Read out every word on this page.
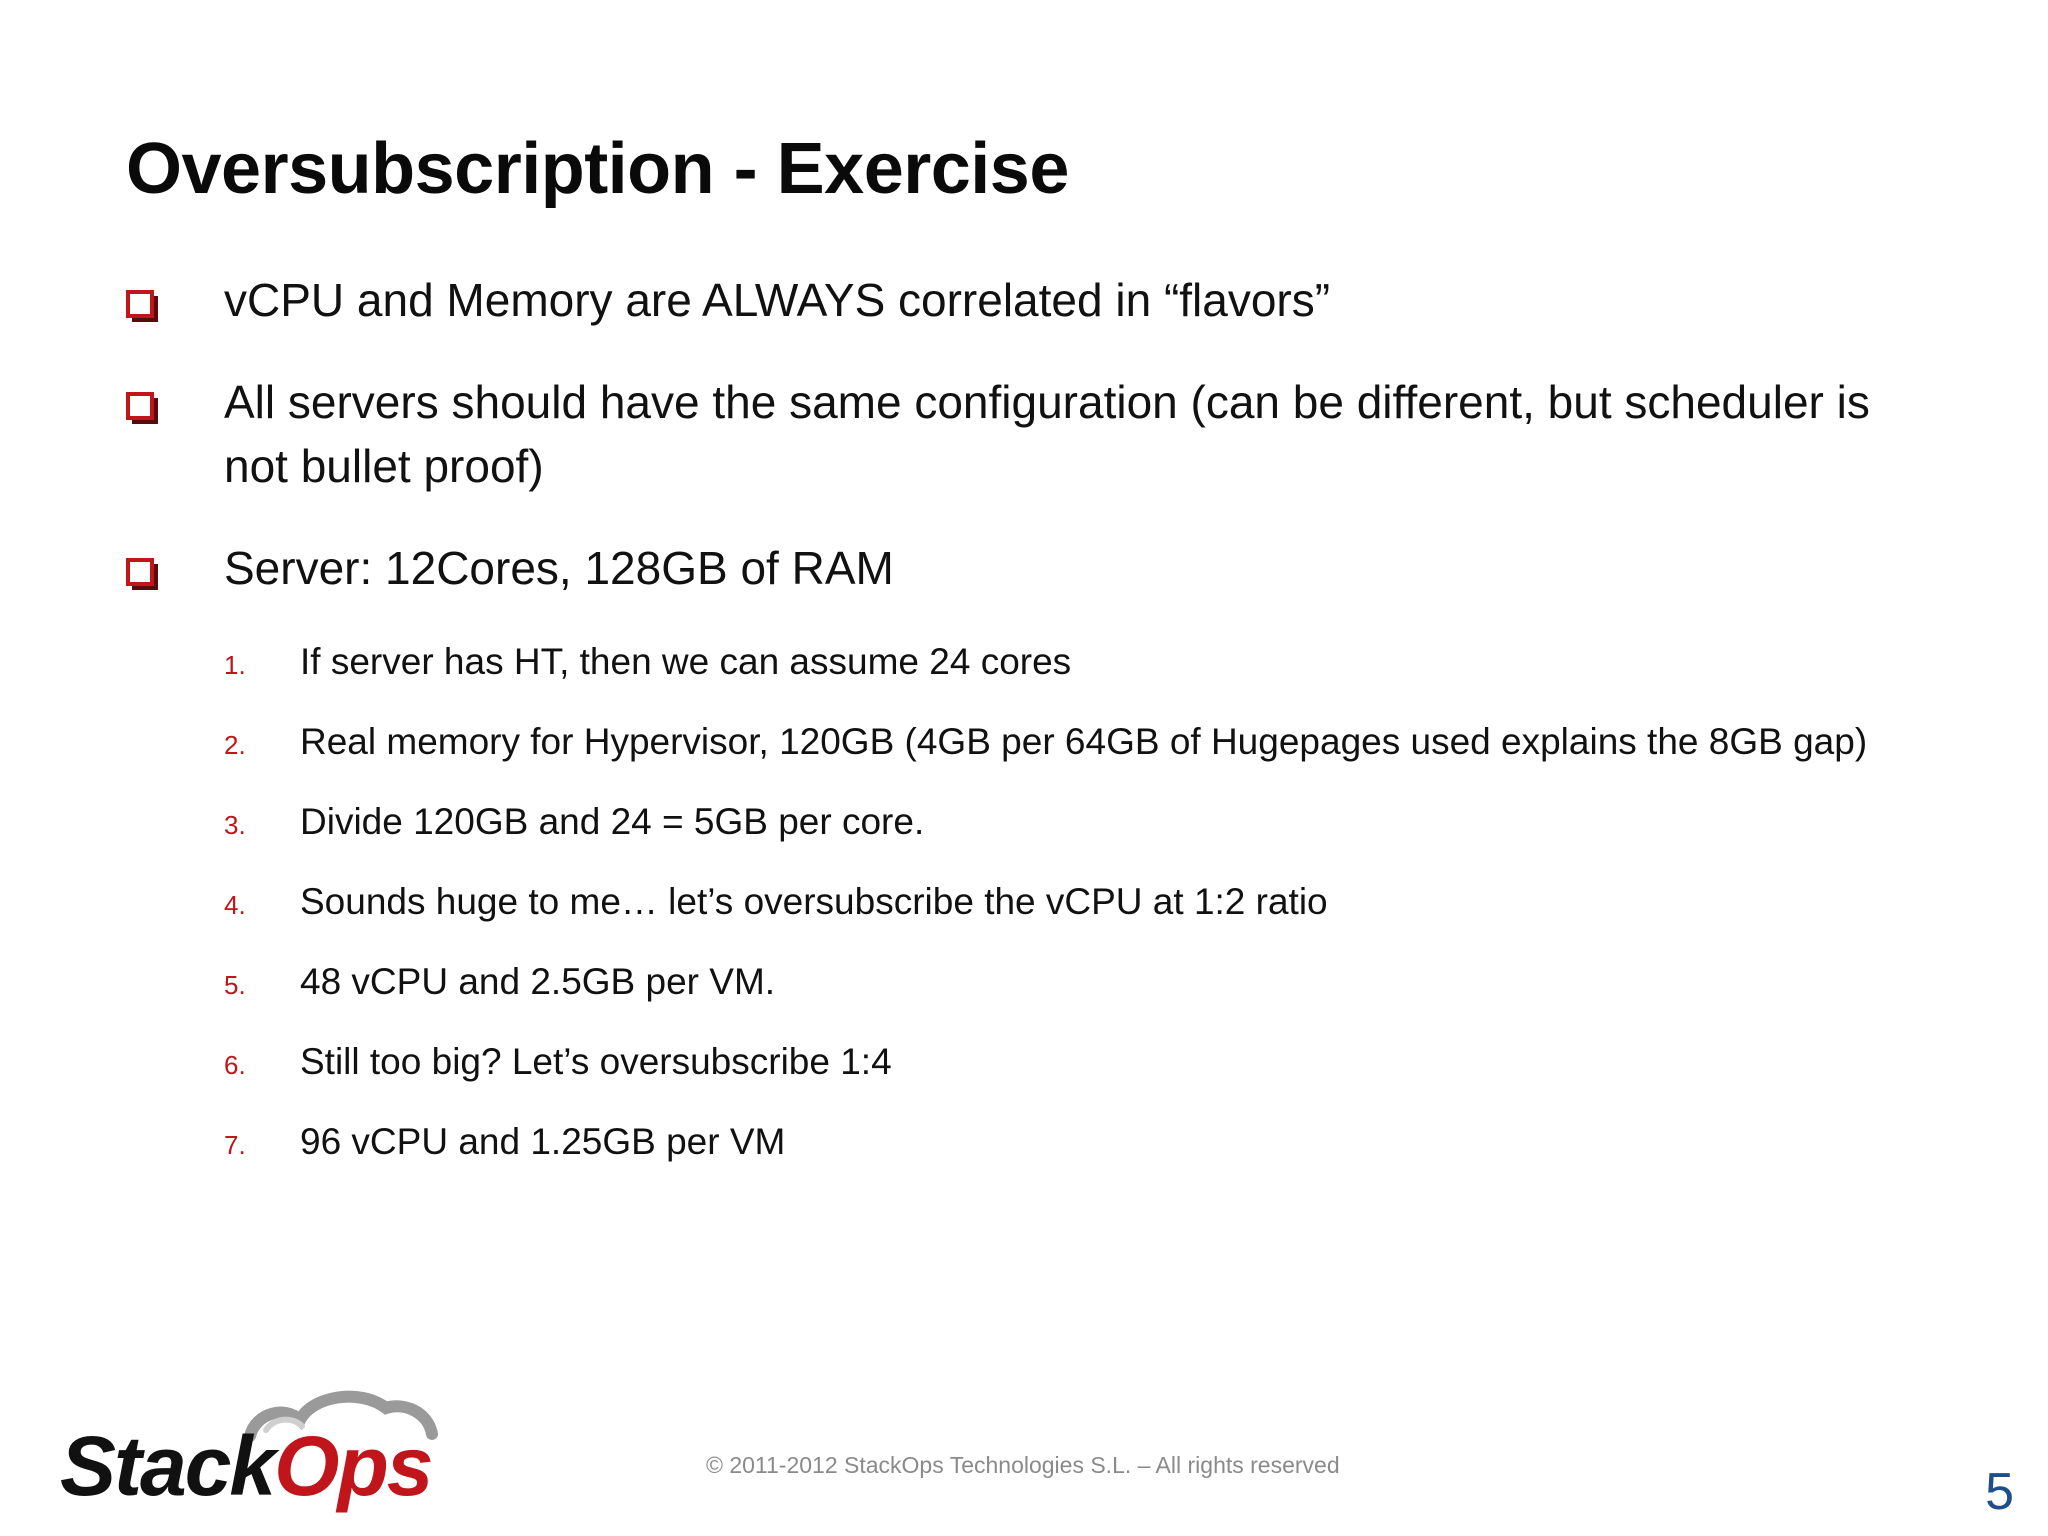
Oversubscription - Exercise
vCPU and Memory are ALWAYS correlated in “flavors”
All servers should have the same configuration (can be different, but scheduler is not bullet proof)
Server: 12Cores, 128GB of RAM
1.	If server has HT, then we can assume 24 cores
2.	Real memory for Hypervisor, 120GB (4GB per 64GB of Hugepages used explains the 8GB gap)
3.	Divide 120GB and 24 = 5GB per core.
4.	Sounds huge to me… let’s oversubscribe the vCPU at 1:2 ratio
5.	48 vCPU and 2.5GB per VM.
6.	Still too big? Let’s oversubscribe 1:4
7.	96 vCPU and 1.25GB per VM
StackOps	© 2011-2012 StackOps Technologies S.L. – All rights reserved	5
